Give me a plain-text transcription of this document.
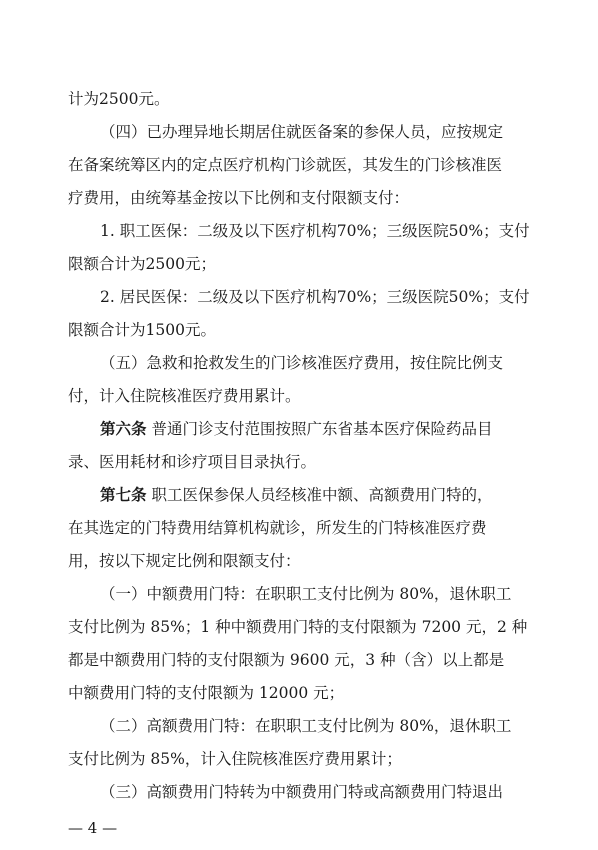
计为2500元。
（四）已办理异地长期居住就医备案的参保人员，应按规定
在备案统筹区内的定点医疗机构门诊就医，其发生的门诊核准医
疗费用，由统筹基金按以下比例和支付限额支付：
1. 职工医保：二级及以下医疗机构70%；三级医院50%；支付
限额合计为2500元；
2. 居民医保：二级及以下医疗机构70%；三级医院50%；支付
限额合计为1500元。
（五）急救和抢救发生的门诊核准医疗费用，按住院比例支
付，计入住院核准医疗费用累计。
第六条 普通门诊支付范围按照广东省基本医疗保险药品目
录、医用耗材和诊疗项目目录执行。
第七条 职工医保参保人员经核准中额、高额费用门特的，
在其选定的门特费用结算机构就诊，所发生的门特核准医疗费
用，按以下规定比例和限额支付：
（一）中额费用门特：在职职工支付比例为 80%，退休职工
支付比例为 85%；1 种中额费用门特的支付限额为 7200 元，2 种
都是中额费用门特的支付限额为 9600 元，3 种（含）以上都是
中额费用门特的支付限额为 12000 元；
（二）高额费用门特：在职职工支付比例为 80%，退休职工
— 4 —
支付比例为 85%，计入住院核准医疗费用累计；
（三）高额费用门特转为中额费用门特或高额费用门特退出
